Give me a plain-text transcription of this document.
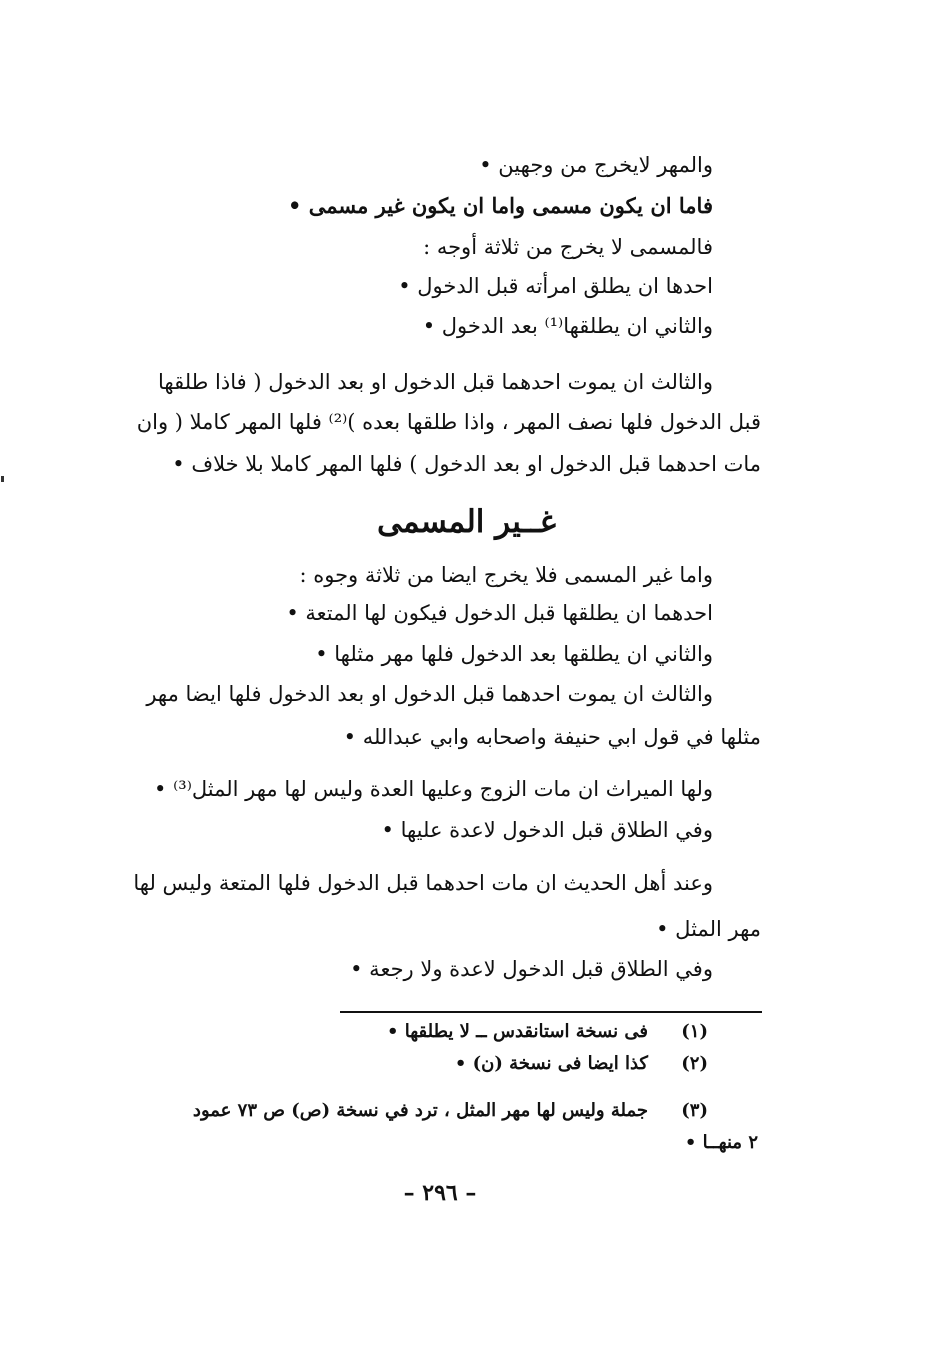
والمهر لايخرج من وجهين •
فاما ان يكون مسمى واما ان يكون غير مسمى •
فالمسمى لا يخرج من ثلاثة أوجه :
احدها ان يطلق امرأته قبل الدخول •
والثاني ان يطلقها⁽¹⁾ بعد الدخول •
والثالث ان يموت احدهما قبل الدخول او بعد الدخول ( فاذا طلقها
قبل الدخول فلها نصف المهر ، واذا طلقها بعده )⁽²⁾ فلها المهر كاملا ( وان
مات احدهما قبل الدخول او بعد الدخول ) فلها المهر كاملا بلا خلاف •
غــير المسمى
واما غير المسمى فلا يخرج ايضا من ثلاثة وجوه :
احدهما ان يطلقها قبل الدخول فيكون لها المتعة •
والثاني ان يطلقها بعد الدخول فلها مهر مثلها •
والثالث ان يموت احدهما قبل الدخول او بعد الدخول فلها ايضا مهر
مثلها في قول ابي حنيفة واصحابه وابي عبدالله •
ولها الميراث ان مات الزوج وعليها العدة وليس لها مهر المثل⁽³⁾ •
وفي الطلاق قبل الدخول لاعدة عليها •
وعند أهل الحديث ان مات احدهما قبل الدخول فلها المتعة وليس لها
مهر المثل •
وفي الطلاق قبل الدخول لاعدة ولا رجعة •
(١)
فى نسخة استانقدس ــ لا يطلقها •
(٢)
كذا ايضا فى نسخة (ن) •
(٣)
جملة وليس لها مهر المثل ، ترد في نسخة (ص) ص ٧٣ عمود
٢ منهــا •
– ٢٩٦ –
